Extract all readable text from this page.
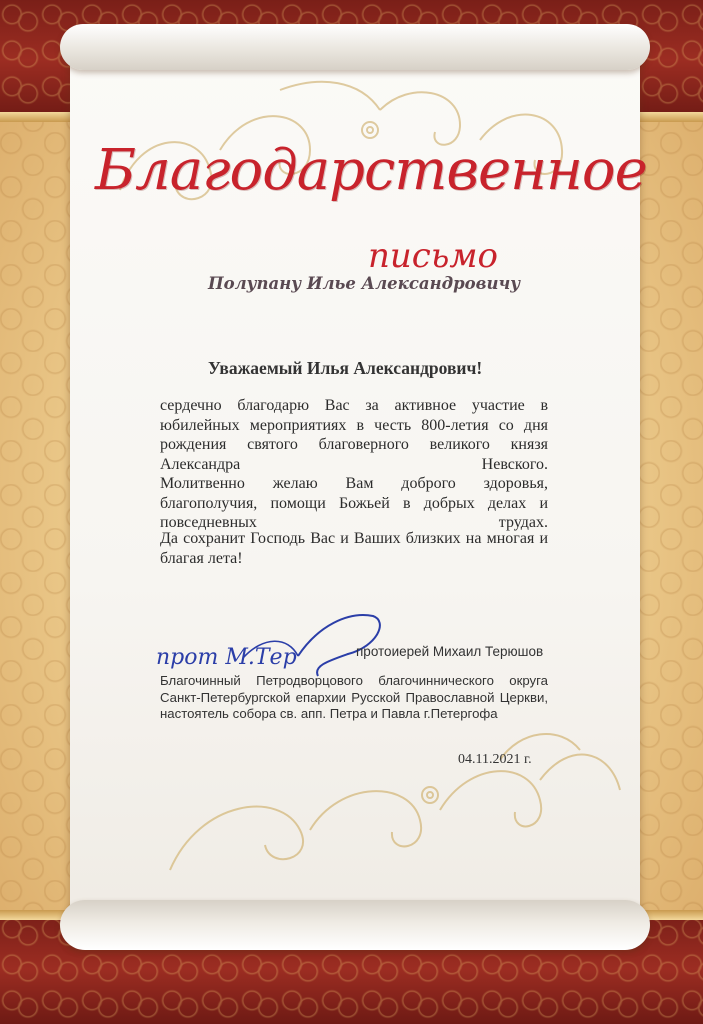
Благодарственное
письмо
Полупану Илье Александровичу
Уважаемый Илья Александрович!
сердечно благодарю Вас за активное участие в юбилейных мероприятиях в честь 800-летия со дня рождения святого благоверного великого князя Александра Невского.
Молитвенно желаю Вам доброго здоровья, благополучия, помощи Божьей в добрых делах и повседневных трудах.
Да сохранит Господь Вас и Ваших близких на многая и благая лета!
прот М.Тер	протоиерей Михаил Терюшов
Благочинный Петродворцового благочиннического округа Санкт-Петербургской епархии Русской Православной Церкви, настоятель собора св. апп. Петра и Павла г.Петергофа
04.11.2021 г.
